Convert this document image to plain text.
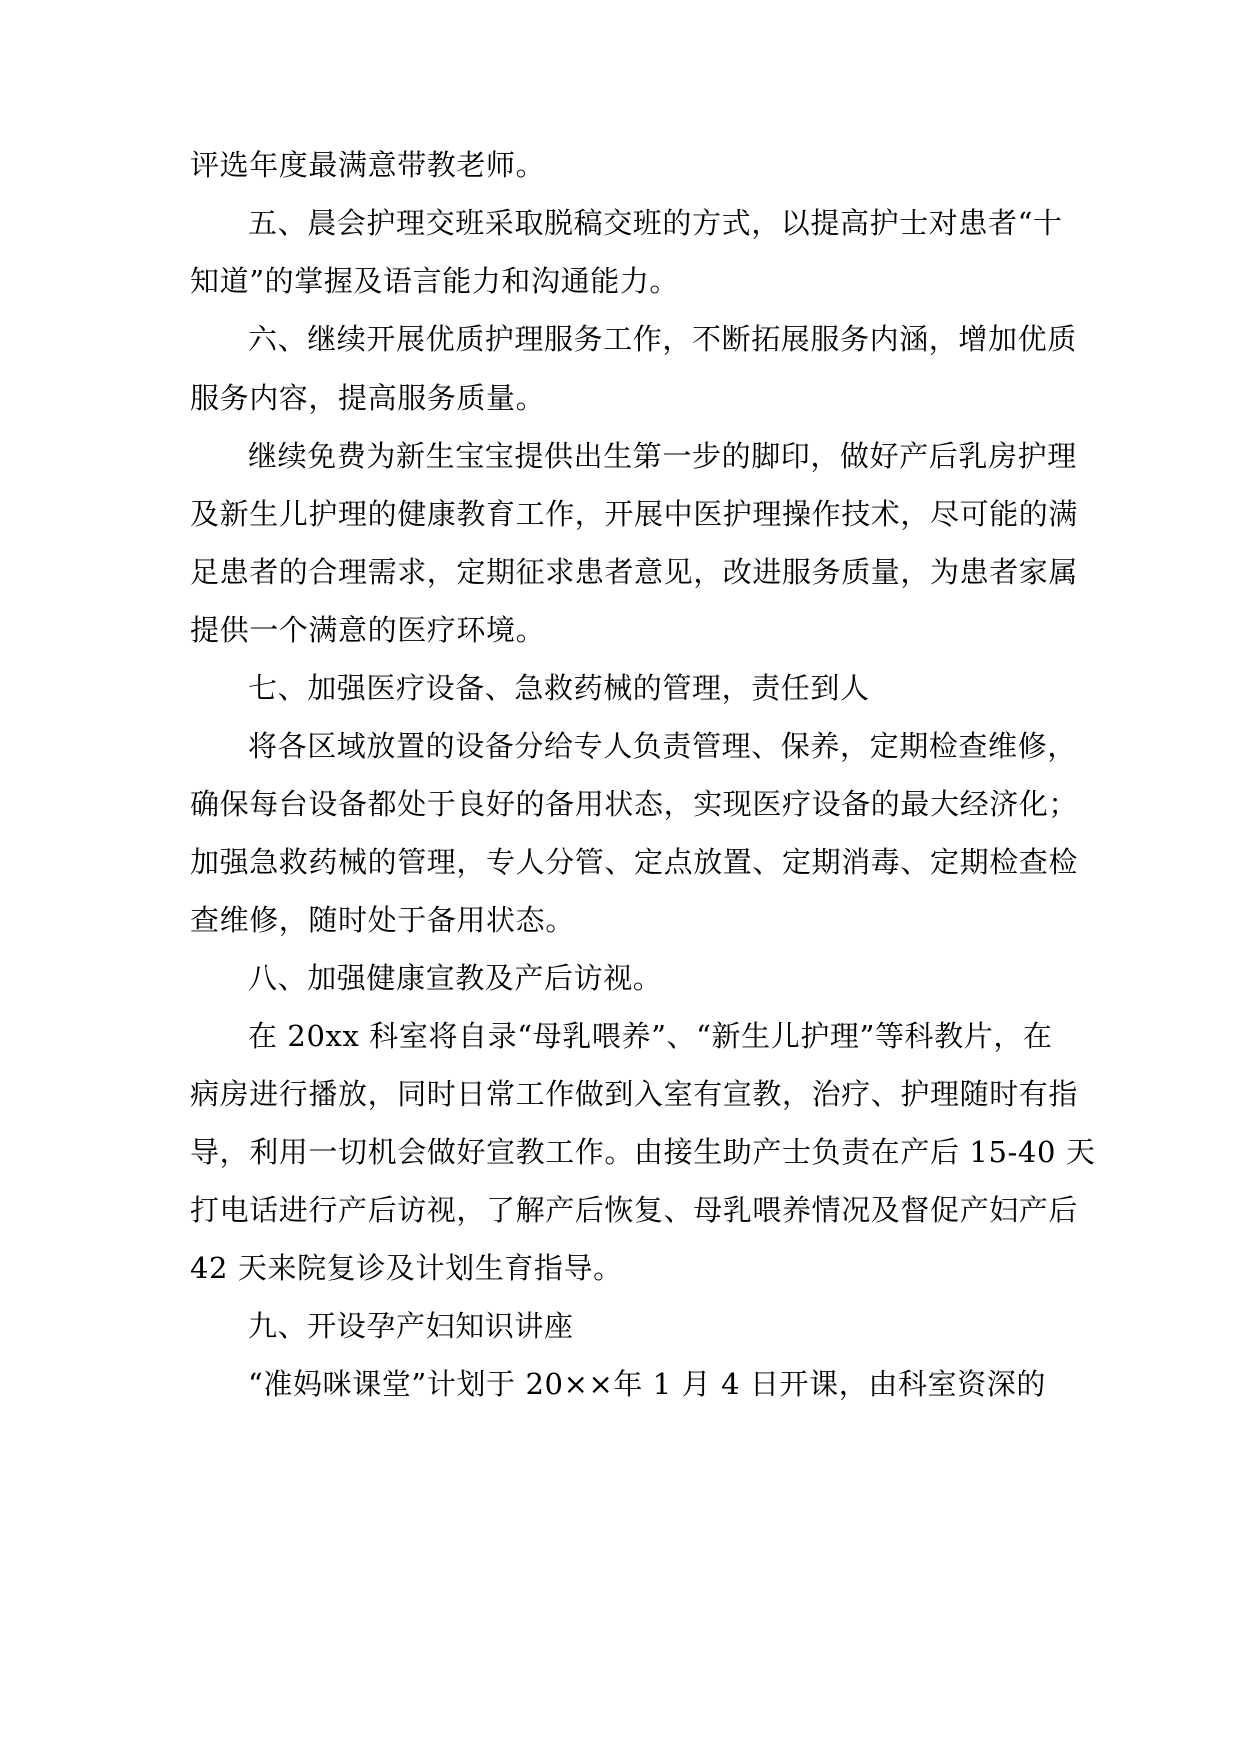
评选年度最满意带教老师。
五、晨会护理交班采取脱稿交班的方式，以提高护士对患者“十
知道”的掌握及语言能力和沟通能力。
六、继续开展优质护理服务工作，不断拓展服务内涵，增加优质
服务内容，提高服务质量。
继续免费为新生宝宝提供出生第一步的脚印，做好产后乳房护理
及新生儿护理的健康教育工作，开展中医护理操作技术，尽可能的满
足患者的合理需求，定期征求患者意见，改进服务质量，为患者家属
提供一个满意的医疗环境。
七、加强医疗设备、急救药械的管理，责任到人
将各区域放置的设备分给专人负责管理、保养，定期检查维修，
确保每台设备都处于良好的备用状态，实现医疗设备的最大经济化；
加强急救药械的管理，专人分管、定点放置、定期消毒、定期检查检
查维修，随时处于备用状态。
八、加强健康宣教及产后访视。
在 20xx 科室将自录“母乳喂养”、“新生儿护理”等科教片，在
病房进行播放，同时日常工作做到入室有宣教，治疗、护理随时有指
导，利用一切机会做好宣教工作。由接生助产士负责在产后 15-40 天
打电话进行产后访视，了解产后恢复、母乳喂养情况及督促产妇产后
42 天来院复诊及计划生育指导。
九、开设孕产妇知识讲座
“准妈咪课堂”计划于 20××年 1 月 4 日开课，由科室资深的
